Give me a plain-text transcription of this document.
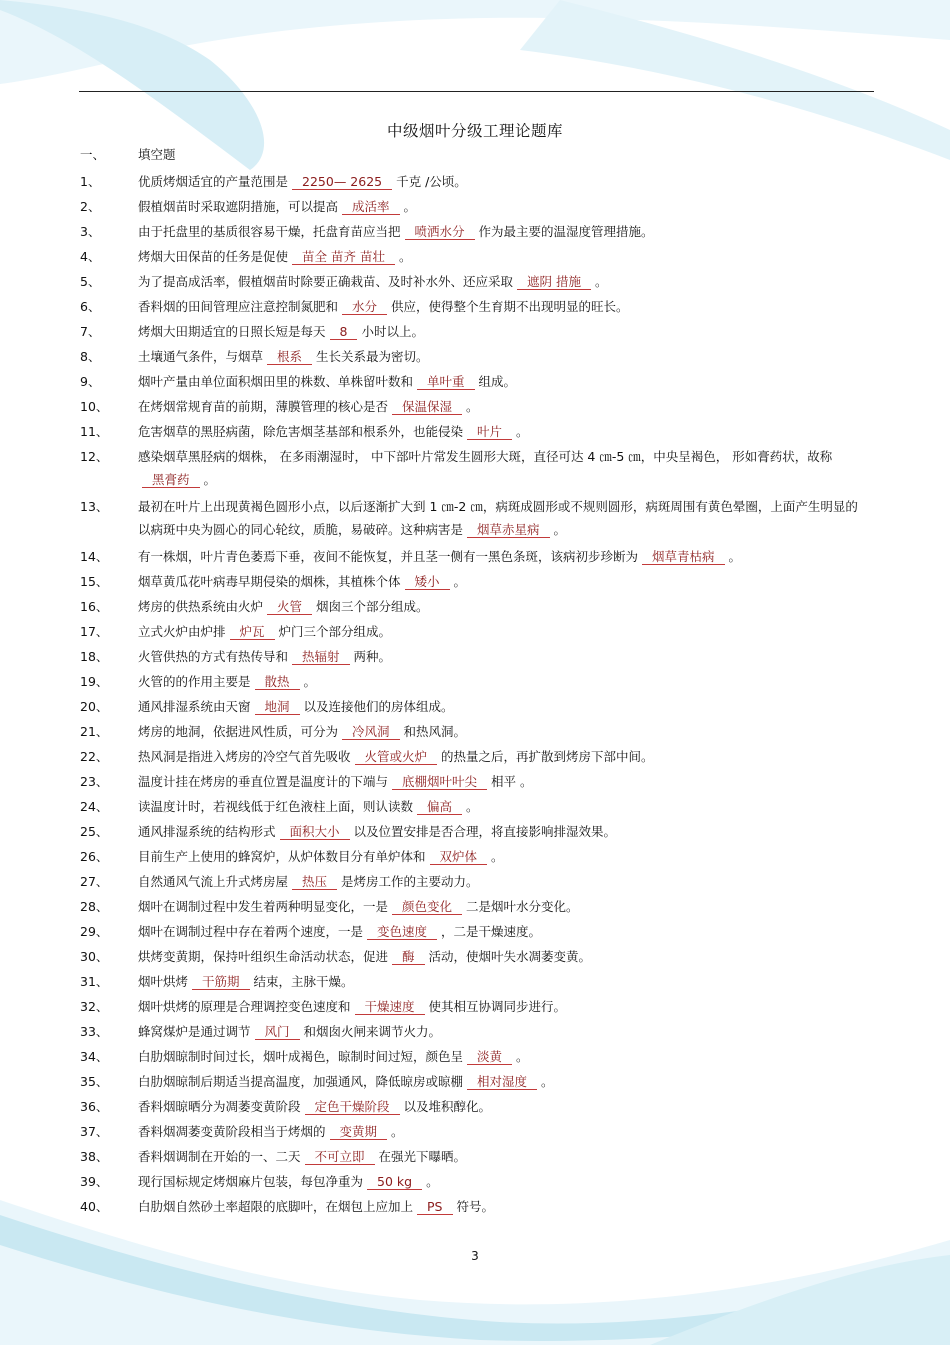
中级烟叶分级工理论题库
一、	填空题
1、	优质烤烟适宜的产量范围是 2250— 2625 千克 /公顷。
2、	假植烟苗时采取遮阴措施，可以提高 成活率 。
3、	由于托盘里的基质很容易干燥，托盘育苗应当把 喷洒水分 作为最主要的温湿度管理措施。
4、	烤烟大田保苗的任务是促使 苗全 苗齐 苗壮 。
5、	为了提高成活率，假植烟苗时除要正确栽苗、及时补水外、还应采取 遮阴 措施 。
6、	香料烟的田间管理应注意控制氮肥和 水分 供应，使得整个生育期不出现明显的旺长。
7、	烤烟大田期适宜的日照长短是每天 8 小时以上。
8、	土壤通气条件，与烟草 根系 生长关系最为密切。
9、	烟叶产量由单位面积烟田里的株数、单株留叶数和 单叶重 组成。
10、 在烤烟常规育苗的前期，薄膜管理的核心是否 保温保湿 。
11、 危害烟草的黑胫病菌，除危害烟茎基部和根系外，也能侵染 叶片 。
12、 感染烟草黑胫病的烟株， 在多雨潮湿时， 中下部叶片常发生圆形大斑，直径可达 4 ㎝-5 ㎝，中央呈褐色， 形如膏药状，故称黑膏药 。
13、 最初在叶片上出现黄褐色圆形小点，以后逐渐扩大到 1 ㎝-2 ㎝，病斑成圆形或不规则圆形，病斑周围有黄色晕圈，上面产生明显的以病斑中央为圆心的同心轮纹，质脆，易破碎。这种病害是 烟草赤星病 。
14、 有一株烟，叶片青色萎焉下垂，夜间不能恢复，并且茎一侧有一黑色条斑，该病初步珍断为 烟草青枯病 。
15、 烟草黄瓜花叶病毒早期侵染的烟株，其植株个体 矮小 。
16、 烤房的供热系统由火炉 火管 烟囱三个部分组成。
17、 立式火炉由炉排 炉瓦 炉门三个部分组成。
18、 火管供热的方式有热传导和 热辐射 两种。
19、 火管的的作用主要是 散热 。
20、 通风排湿系统由天窗 地洞 以及连接他们的房体组成。
21、 烤房的地洞，依据进风性质，可分为 冷风洞 和热风洞。
22、 热风洞是指进入烤房的冷空气首先吸收 火管或火炉 的热量之后，再扩散到烤房下部中间。
23、 温度计挂在烤房的垂直位置是温度计的下端与 底棚烟叶叶尖 相平 。
24、 读温度计时，若视线低于红色液柱上面，则认读数 偏高 。
25、 通风排湿系统的结构形式 面积大小 以及位置安排是否合理，将直接影响排湿效果。
26、 目前生产上使用的蜂窝炉，从炉体数目分有单炉体和 双炉体 。
27、 自然通风气流上升式烤房屋 热压 是烤房工作的主要动力。
28、 烟叶在调制过程中发生着两种明显变化，一是 颜色变化 二是烟叶水分变化。
29、 烟叶在调制过程中存在着两个速度，一是 变色速度 ，二是干燥速度。
30、 烘烤变黄期，保持叶组织生命活动状态，促进 酶 活动，使烟叶失水凋萎变黄。
31、 烟叶烘烤 干筋期 结束，主脉干燥。
32、 烟叶烘烤的原理是合理调控变色速度和 干燥速度 使其相互协调同步进行。
33、 蜂窝煤炉是通过调节 风门 和烟囱火闸来调节火力。
34、 白肋烟晾制时间过长，烟叶成褐色，晾制时间过短，颜色呈 淡黄 。
35、 白肋烟晾制后期适当提高温度，加强通风，降低晾房或晾棚 相对湿度 。
36、 香料烟晾晒分为凋萎变黄阶段 定色干燥阶段 以及堆积醇化。
37、 香料烟凋萎变黄阶段相当于烤烟的 变黄期 。
38、 香料烟调制在开始的一、二天 不可立即 在强光下曝晒。
39、 现行国标规定烤烟麻片包装，每包净重为 50 kg 。
40、 白肋烟自然砂土率超限的底脚叶，在烟包上应加上 PS 符号。
3
